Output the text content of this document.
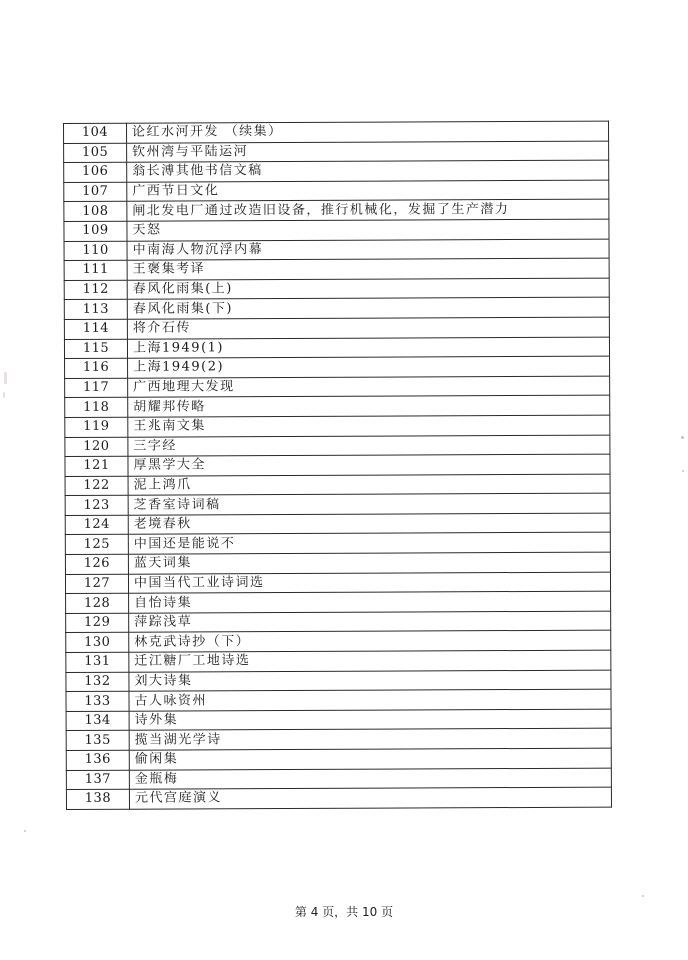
104	论红水河开发 （续集）
105	钦州湾与平陆运河
106	翁长溥其他书信文稿
107	广西节日文化
108	闸北发电厂通过改造旧设备，推行机械化，发掘了生产潜力
109	天怒
110	中南海人物沉浮内幕
111	王褒集考译
112	春风化雨集(上)
113	春风化雨集(下)
114	将介石传
115	上海1949(1)
116	上海1949(2)
117	广西地理大发现
118	胡耀邦传略
119	王兆南文集
120	三字经
121	厚黑学大全
122	泥上鸿爪
123	芝香室诗词稿
124	老境春秋
125	中国还是能说不
126	蓝天词集
127	中国当代工业诗词选
128	自怡诗集
129	萍踪浅草
130	林克武诗抄（下）
131	迁江糖厂工地诗选
132	刘大诗集
133	古人咏资州
134	诗外集
135	揽当湖光学诗
136	偷闲集
137	金瓶梅
138	元代宫庭演义
第 4 页，共 10 页
